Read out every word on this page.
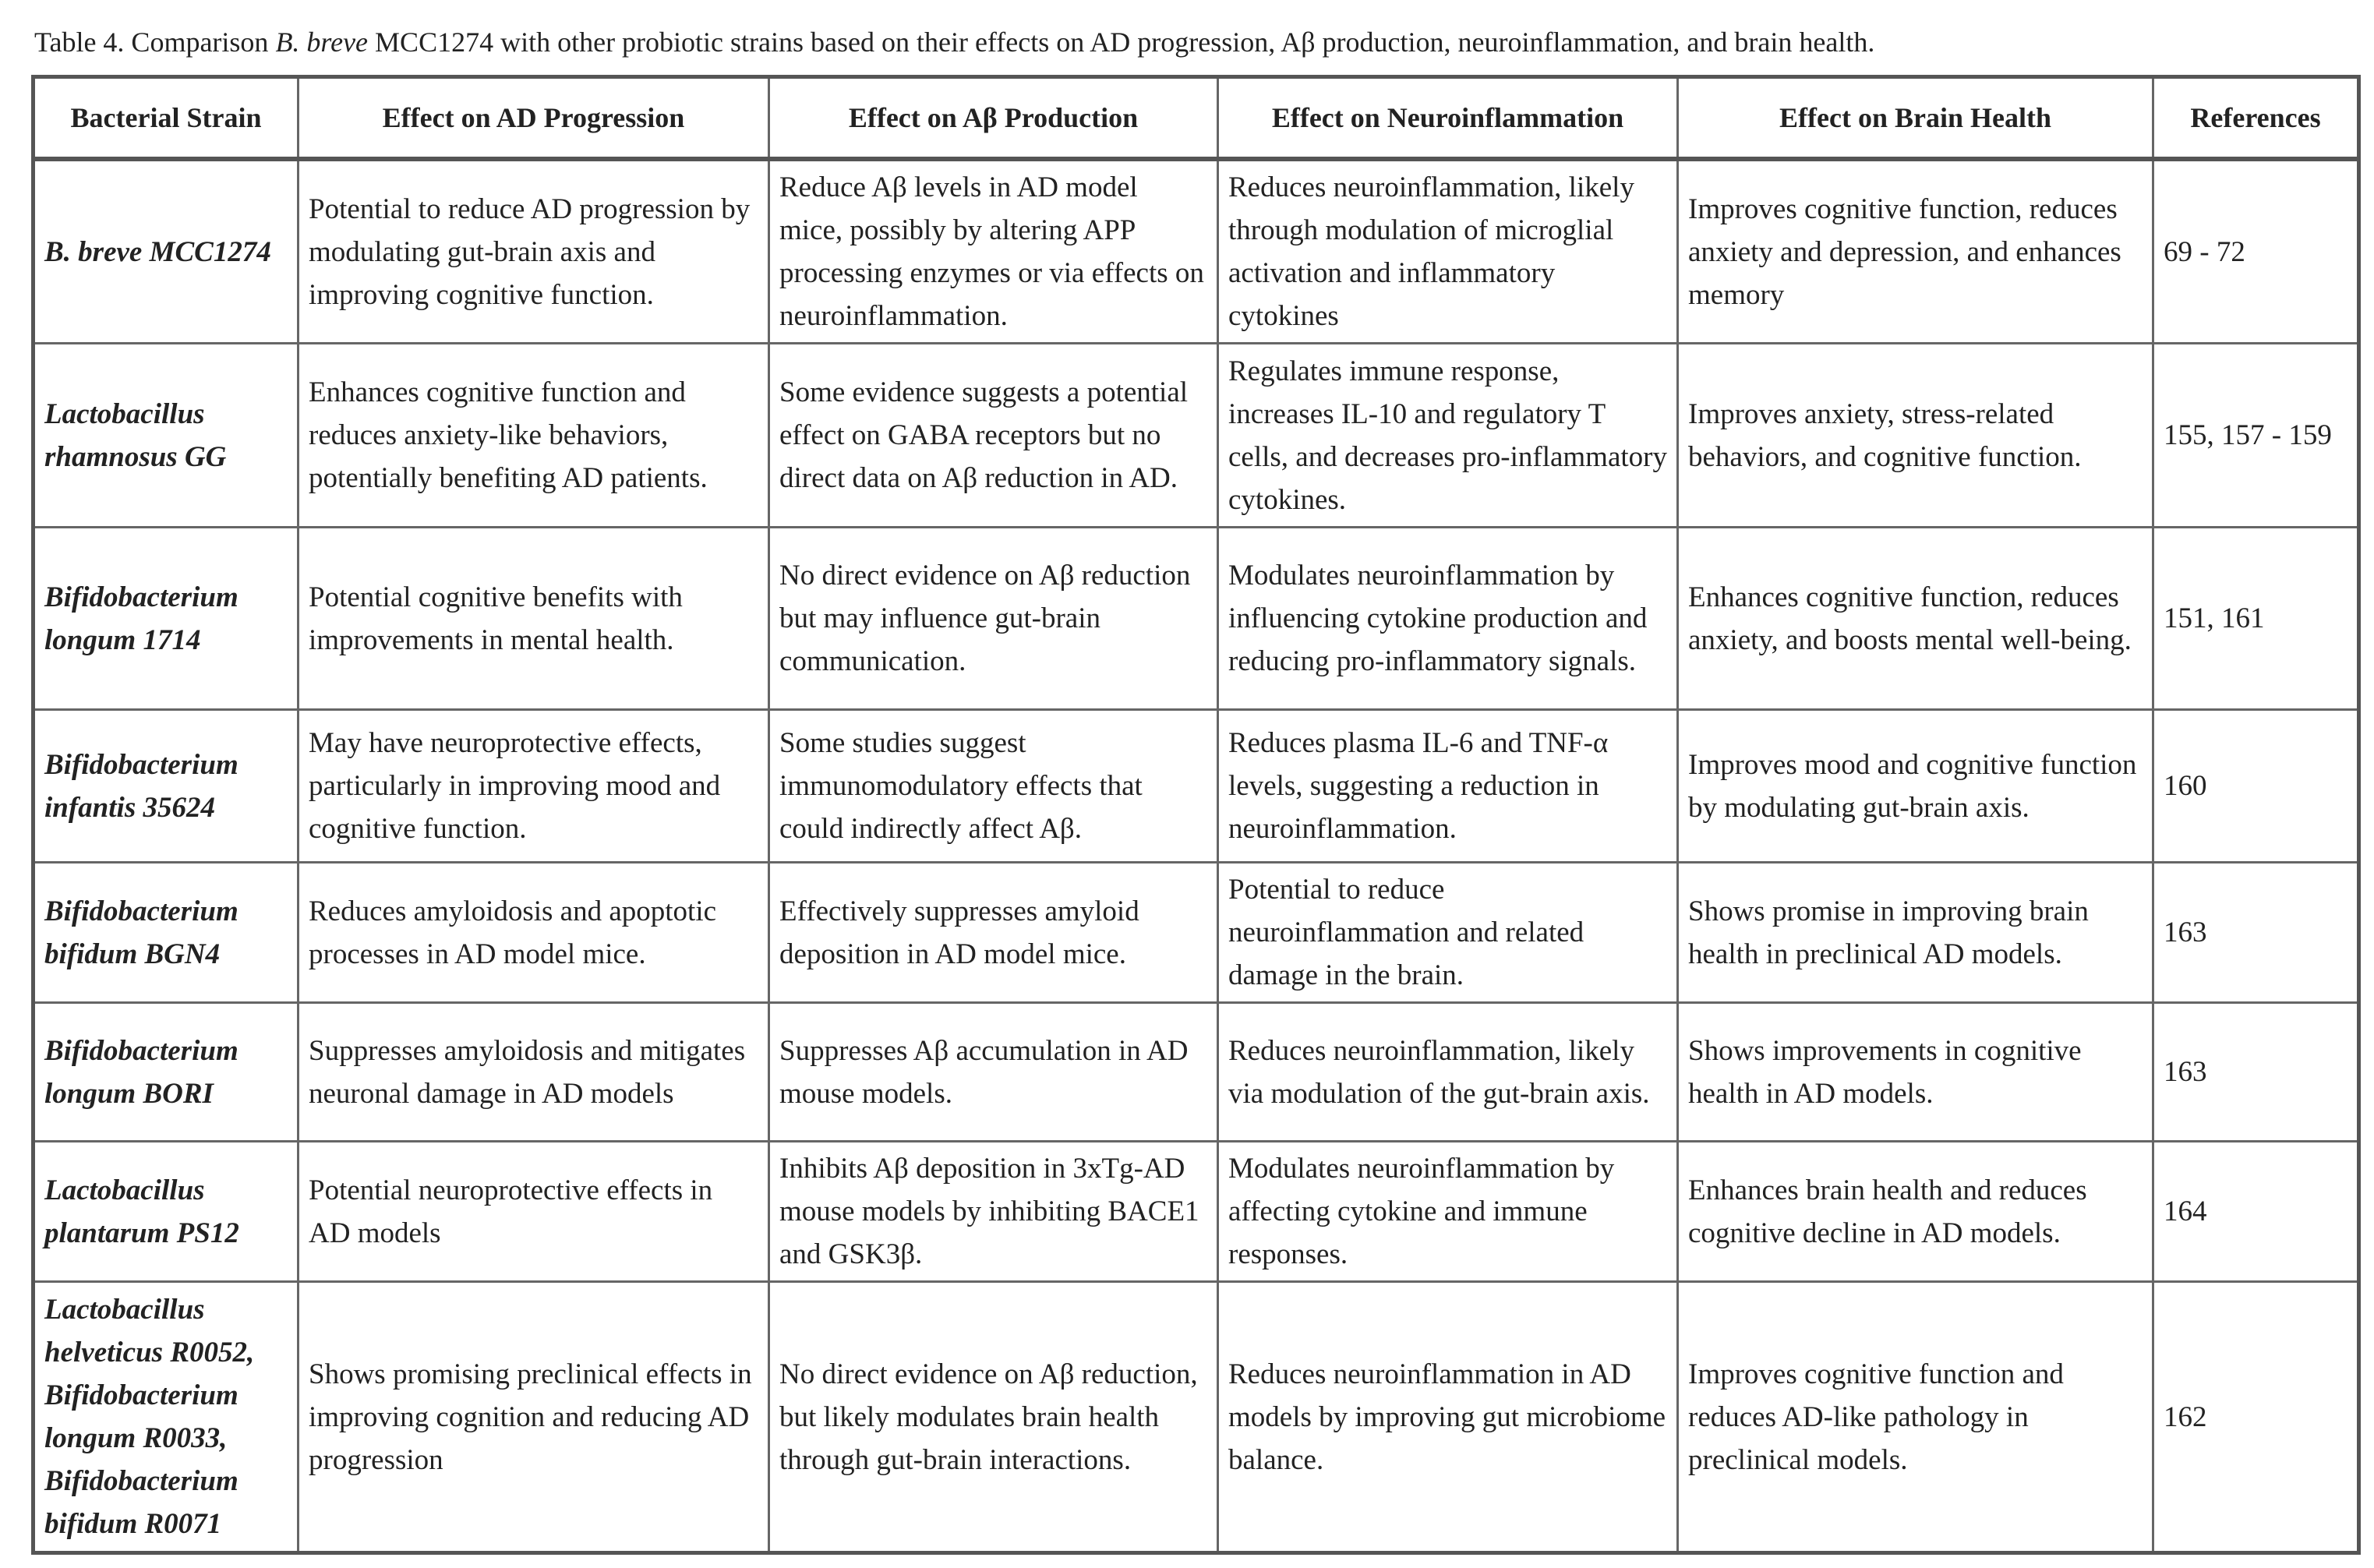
Table 4. Comparison B. breve MCC1274 with other probiotic strains based on their effects on AD progression, Aβ production, neuroinflammation, and brain health.
Bacterial Strain	Effect on AD Progression	Effect on Aβ Production	Effect on Neuroinflammation	Effect on Brain Health	References
B. breve MCC1274	Potential to reduce AD progression by modulating gut-brain axis and improving cognitive function.	Reduce Aβ levels in AD model mice, possibly by altering APP processing enzymes or via effects on neuroinflammation.	Reduces neuroinflammation, likely through modulation of microglial activation and inflammatory cytokines	Improves cognitive function, reduces anxiety and depression, and enhances memory	69 - 72
Lactobacillus rhamnosus GG	Enhances cognitive function and reduces anxiety-like behaviors, potentially benefiting AD patients.	Some evidence suggests a potential effect on GABA receptors but no direct data on Aβ reduction in AD.	Regulates immune response, increases IL-10 and regulatory T cells, and decreases pro-inflammatory cytokines.	Improves anxiety, stress-related behaviors, and cognitive function.	155, 157 - 159
Bifidobacterium longum 1714	Potential cognitive benefits with improvements in mental health.	No direct evidence on Aβ reduction but may influence gut-brain communication.	Modulates neuroinflammation by influencing cytokine production and reducing pro-inflammatory signals.	Enhances cognitive function, reduces anxiety, and boosts mental well-being.	151, 161
Bifidobacterium infantis 35624	May have neuroprotective effects, particularly in improving mood and cognitive function.	Some studies suggest immunomodulatory effects that could indirectly affect Aβ.	Reduces plasma IL-6 and TNF-α levels, suggesting a reduction in neuroinflammation.	Improves mood and cognitive function by modulating gut-brain axis.	160
Bifidobacterium bifidum BGN4	Reduces amyloidosis and apoptotic processes in AD model mice.	Effectively suppresses amyloid deposition in AD model mice.	Potential to reduce neuroinflammation and related damage in the brain.	Shows promise in improving brain health in preclinical AD models.	163
Bifidobacterium longum BORI	Suppresses amyloidosis and mitigates neuronal damage in AD models	Suppresses Aβ accumulation in AD mouse models.	Reduces neuroinflammation, likely via modulation of the gut-brain axis.	Shows improvements in cognitive health in AD models.	163
Lactobacillus plantarum PS12	Potential neuroprotective effects in AD models	Inhibits Aβ deposition in 3xTg-AD mouse models by inhibiting BACE1 and GSK3β.	Modulates neuroinflammation by affecting cytokine and immune responses.	Enhances brain health and reduces cognitive decline in AD models.	164
Lactobacillus helveticus R0052, Bifidobacterium longum R0033, Bifidobacterium bifidum R0071	Shows promising preclinical effects in improving cognition and reducing AD progression	No direct evidence on Aβ reduction, but likely modulates brain health through gut-brain interactions.	Reduces neuroinflammation in AD models by improving gut microbiome balance.	Improves cognitive function and reduces AD-like pathology in preclinical models.	162
